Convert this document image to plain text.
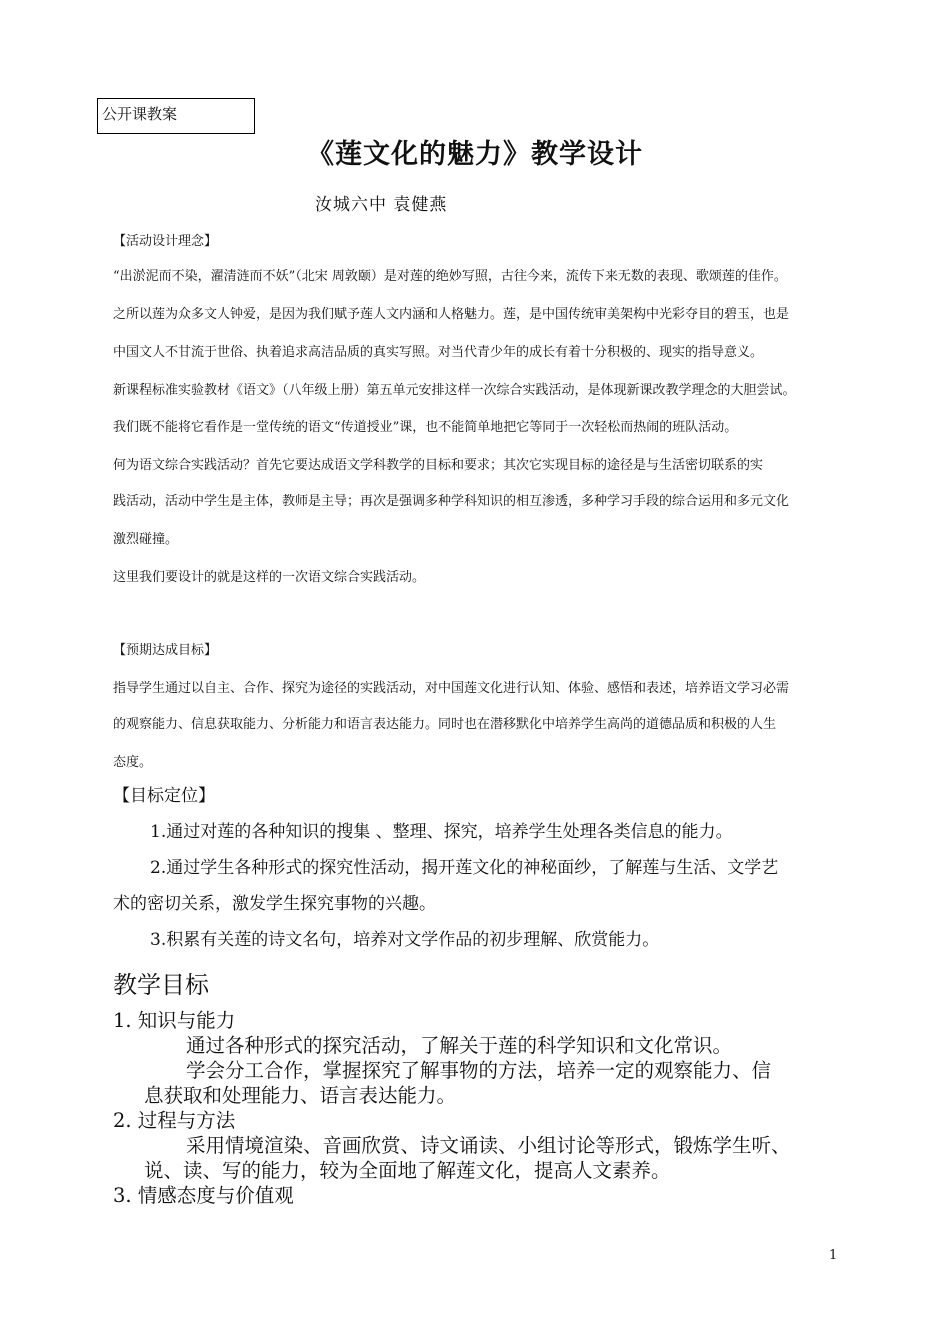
公开课教案
《莲文化的魅力》教学设计
汝城六中 袁健燕
【活动设计理念】
“出淤泥而不染，濯清涟而不妖”（北宋 周敦颐）是对莲的绝妙写照，古往今来，流传下来无数的表现、歌颂莲的佳作。
之所以莲为众多文人钟爱，是因为我们赋予莲人文内涵和人格魅力。莲，是中国传统审美架构中光彩夺目的碧玉，也是
中国文人不甘流于世俗、执着追求高洁品质的真实写照。对当代青少年的成长有着十分积极的、现实的指导意义。
新课程标准实验教材《语文》（八年级上册）第五单元安排这样一次综合实践活动，是体现新课改教学理念的大胆尝试。
我们既不能将它看作是一堂传统的语文“传道授业”课，也不能简单地把它等同于一次轻松而热闹的班队活动。
何为语文综合实践活动？首先它要达成语文学科教学的目标和要求；其次它实现目标的途径是与生活密切联系的实
践活动，活动中学生是主体，教师是主导；再次是强调多种学科知识的相互渗透，多种学习手段的综合运用和多元文化
激烈碰撞。
这里我们要设计的就是这样的一次语文综合实践活动。
【预期达成目标】
指导学生通过以自主、合作、探究为途径的实践活动，对中国莲文化进行认知、体验、感悟和表述，培养语文学习必需
的观察能力、信息获取能力、分析能力和语言表达能力。同时也在潜移默化中培养学生高尚的道德品质和积极的人生
态度。
【目标定位】
1.通过对莲的各种知识的搜集 、整理、探究，培养学生处理各类信息的能力。
2.通过学生各种形式的探究性活动，揭开莲文化的神秘面纱，了解莲与生活、文学艺
术的密切关系，激发学生探究事物的兴趣。
3.积累有关莲的诗文名句，培养对文学作品的初步理解、欣赏能力。
教学目标
1. 知识与能力
通过各种形式的探究活动，了解关于莲的科学知识和文化常识。
学会分工合作，掌握探究了解事物的方法，培养一定的观察能力、信
息获取和处理能力、语言表达能力。
2. 过程与方法
采用情境渲染、音画欣赏、诗文诵读、小组讨论等形式，锻炼学生听、
说、读、写的能力，较为全面地了解莲文化，提高人文素养。
3. 情感态度与价值观
1
